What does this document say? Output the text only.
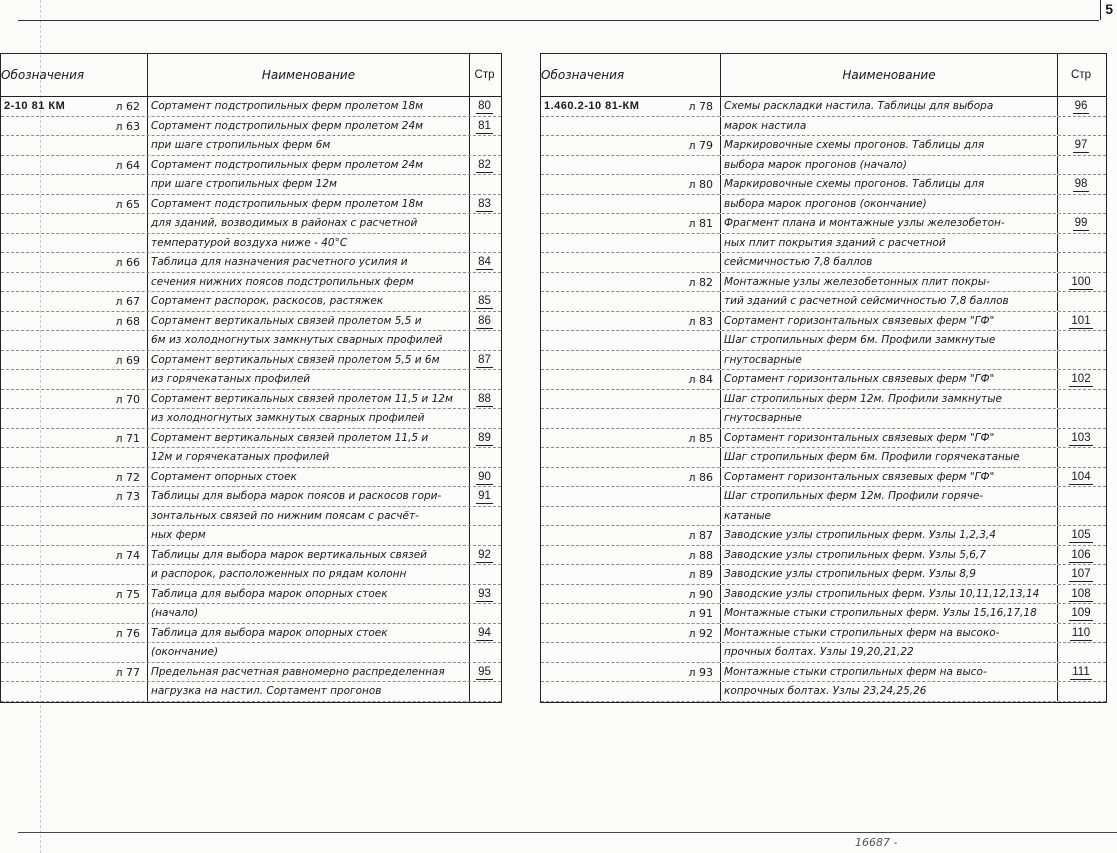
5
Обозначения	Наименование	Стр
2-10 81 КМ	л 62	Сортамент подстропильных ферм пролетом 18м	80
л 63	Сортамент подстропильных ферм пролетом 24м	81
при шаге стропильных ферм 6м
л 64	Сортамент подстропильных ферм пролетом 24м	82
при шаге стропильных ферм 12м
л 65	Сортамент подстропильных ферм пролетом 18м	83
для зданий, возводимых в районах с расчетной
температурой воздуха ниже - 40°С
л 66	Таблица для назначения расчетного усилия и	84
сечения нижних поясов подстропильных ферм
л 67	Сортамент распорок, раскосов, растяжек	85
л 68	Сортамент вертикальных связей пролетом 5,5 и	86
6м из холодногнутых замкнутых сварных профилей
л 69	Сортамент вертикальных связей пролетом 5,5 и 6м	87
из горячекатаных профилей
л 70	Сортамент вертикальных связей пролетом 11,5 и 12м	88
из холодногнутых замкнутых сварных профилей
л 71	Сортамент вертикальных связей пролетом 11,5 и	89
12м и горячекатаных профилей
л 72	Сортамент опорных стоек	90
л 73	Таблицы для выбора марок поясов и раскосов гори-	91
зонтальных связей по нижним поясам с расчёт-
ных ферм
л 74	Таблицы для выбора марок вертикальных связей	92
и распорок, расположенных по рядам колонн
л 75	Таблица для выбора марок опорных стоек	93
(начало)
л 76	Таблица для выбора марок опорных стоек	94
(окончание)
л 77	Предельная расчетная равномерно распределенная	95
нагрузка на настил. Сортамент прогонов
Обозначения	Наименование	Стр
1.460.2-10 81-КМ	л 78	Схемы раскладки настила. Таблицы для выбора	96
марок настила
л 79	Маркировочные схемы прогонов. Таблицы для	97
выбора марок прогонов (начало)
л 80	Маркировочные схемы прогонов. Таблицы для	98
выбора марок прогонов (окончание)
л 81	Фрагмент плана и монтажные узлы железобетон-	99
ных плит покрытия зданий с расчетной
сейсмичностью 7,8 баллов
л 82	Монтажные узлы железобетонных плит покры-	100
тий зданий с расчетной сейсмичностью 7,8 баллов
л 83	Сортамент горизонтальных связевых ферм "ГФ"	101
Шаг стропильных ферм 6м. Профили замкнутые
гнутосварные
л 84	Сортамент горизонтальных связевых ферм "ГФ"	102
Шаг стропильных ферм 12м. Профили замкнутые
гнутосварные
л 85	Сортамент горизонтальных связевых ферм "ГФ"	103
Шаг стропильных ферм 6м. Профили горячекатаные
л 86	Сортамент горизонтальных связевых ферм "ГФ"	104
Шаг стропильных ферм 12м. Профили горяче-
катаные
л 87	Заводские узлы стропильных ферм. Узлы 1,2,3,4	105
л 88	Заводские узлы стропильных ферм. Узлы 5,6,7	106
л 89	Заводские узлы стропильных ферм. Узлы 8,9	107
л 90	Заводские узлы стропильных ферм. Узлы 10,11,12,13,14	108
л 91	Монтажные стыки стропильных ферм. Узлы 15,16,17,18	109
л 92	Монтажные стыки стропильных ферм на высоко-	110
прочных болтах. Узлы 19,20,21,22
л 93	Монтажные стыки стропильных ферм на высо-	111
копрочных болтах. Узлы 23,24,25,26
16687 -
